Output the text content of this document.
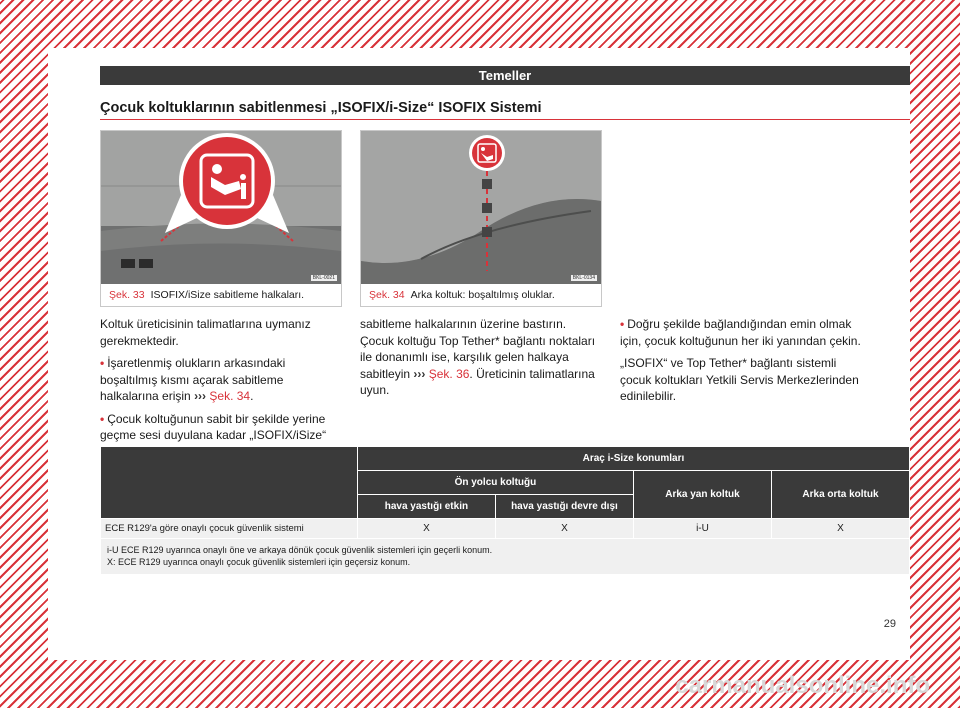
Temeller
Çocuk koltuklarının sabitlenmesi „ISOFIX/i-Size“ ISOFIX Sistemi
BKL-0021
Şek. 33 ISOFIX/iSize sabitleme halkaları.
BKL-0134
Şek. 34 Arka koltuk: boşaltılmış oluklar.

Koltuk üreticisinin talimatlarına uymanız gerekmektedir.

• İşaretlenmiş olukların arkasındaki boşaltılmış kısmı açarak sabitleme halkalarına erişin ››› Şek. 34.

• Çocuk koltuğunun sabit bir şekilde yerine geçme sesi duyulana kadar „ISOFIX/iSize“

sabitleme halkalarının üzerine bastırın. Çocuk koltuğu Top Tether* bağlantı noktaları ile donanımlı ise, karşılık gelen halkaya sabitleyin ››› Şek. 36. Üreticinin talimatlarına uyun.

• Doğru şekilde bağlandığından emin olmak için, çocuk koltuğunun her iki yanından çekin.

„ISOFIX“ ve Top Tether* bağlantı sistemli çocuk koltukları Yetkili Servis Merkezlerinden edinilebilir.

	Araç i-Size konumları			
	Ön yolcu koltuğu		Arka yan koltuk	Arka orta koltuk
	hava yastığı etkin	hava yastığı devre dışı		
ECE R129'a göre onaylı çocuk güvenlik sistemi	X	X	i-U	X

i-U ECE R129 uyarınca onaylı öne ve arkaya dönük çocuk güvenlik sistemleri için geçerli konum.
X: ECE R129 uyarınca onaylı çocuk güvenlik sistemleri için geçersiz konum.				
29
carmanualsonline.info
